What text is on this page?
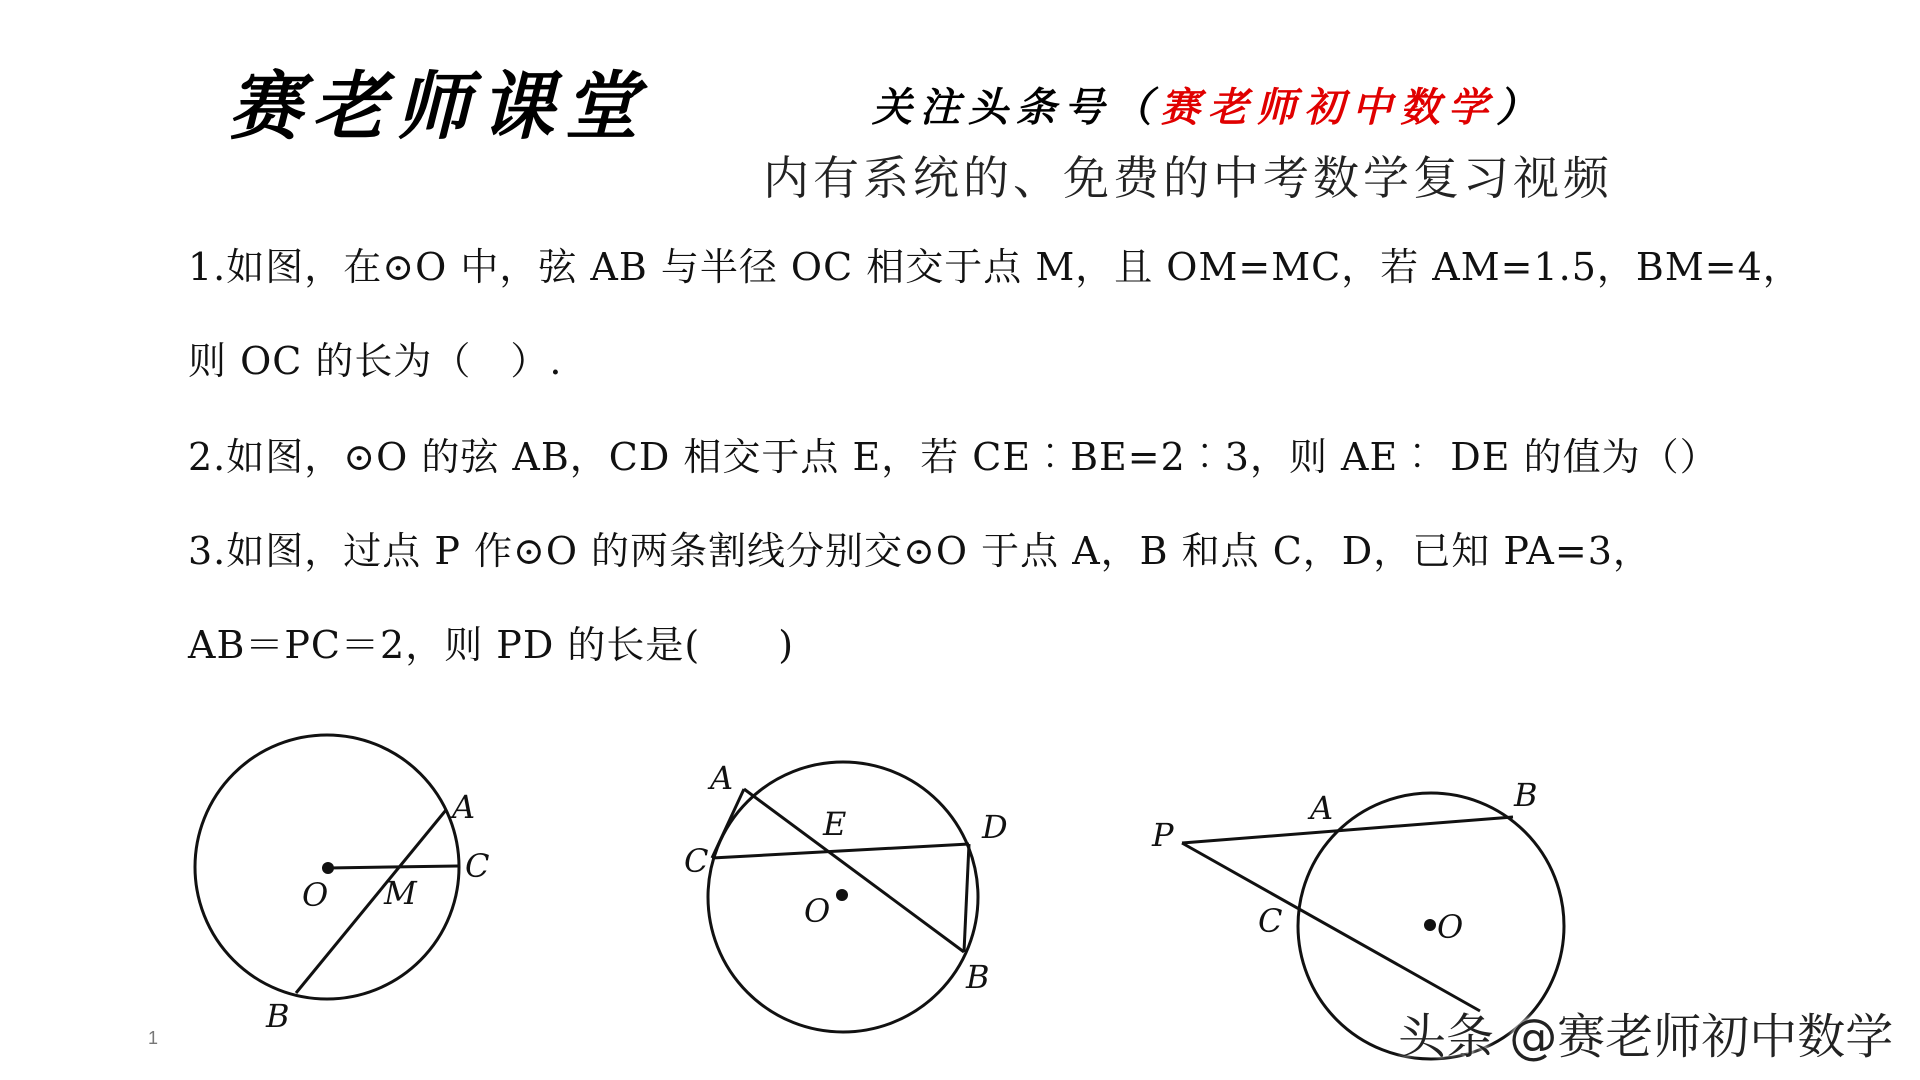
赛老师课堂	关注头条号（赛老师初中数学）
内有系统的、免费的中考数学复习视频
1.如图，在⊙O 中，弦 AB 与半径 OC 相交于点 M，且 OM=MC，若 AM=1.5，BM=4，
则 OC 的长为（　）.
2.如图，⊙O 的弦 AB，CD 相交于点 E，若 CE︰BE=2︰3，则 AE︰ DE 的值为（）
3.如图，过点 P 作⊙O 的两条割线分别交⊙O 于点 A，B 和点 C，D，已知 PA=3，
AB＝PC＝2，则 PD 的长是(　　)
A
C
O M
B
A
C
E	D
O
B
P
A	B
C	O
1	头条 @赛老师初中数学
